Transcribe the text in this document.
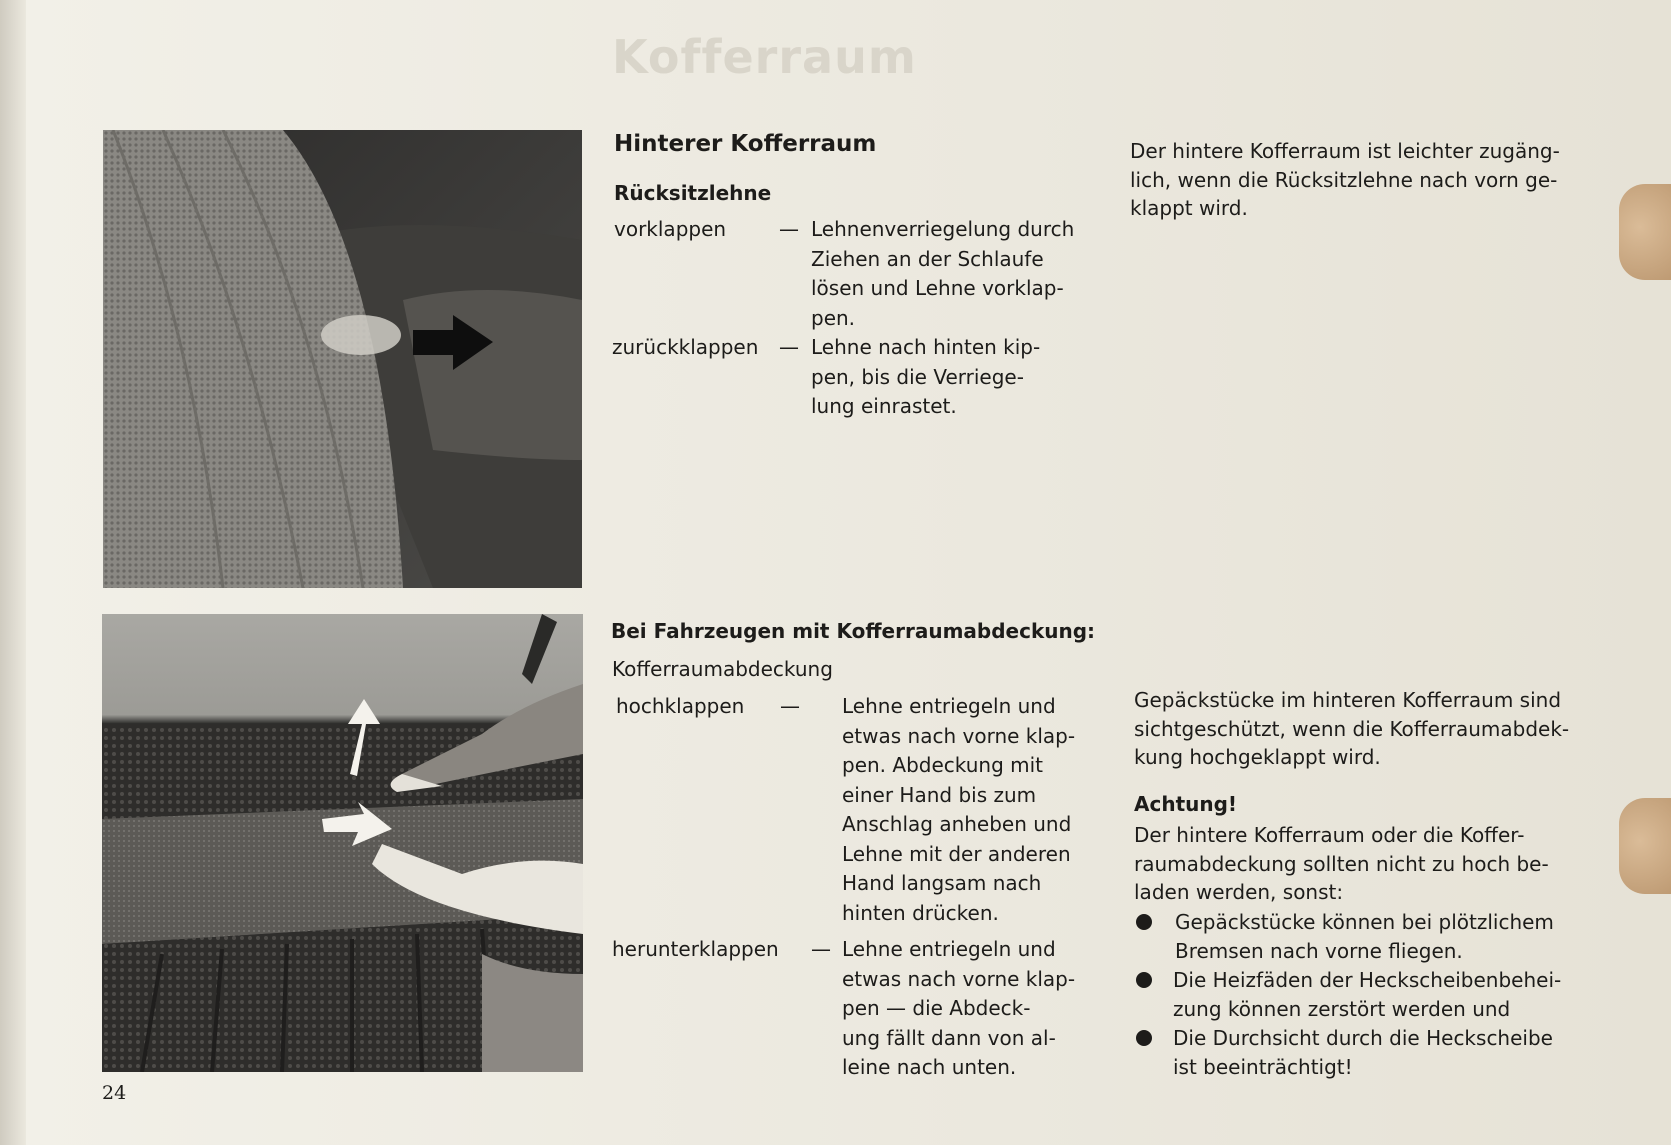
Kofferraum
24
Hinterer Kofferraum
Rücksitzlehne
vorklappen	— Lehnenverriegelung durch
Ziehen an der Schlaufe
lösen und Lehne vorklap-
pen.
zurückklappen — Lehne nach hinten kip-
pen, bis die Verriege-
lung einrastet.
Bei Fahrzeugen mit Kofferraumabdeckung:
Kofferraumabdeckung
hochklappen — Lehne entriegeln und
etwas nach vorne klap-
pen. Abdeckung mit
einer Hand bis zum
Anschlag anheben und
Lehne mit der anderen
Hand langsam nach
hinten drücken.
herunterklappen — Lehne entriegeln und
etwas nach vorne klap-
pen — die Abdeck-
ung fällt dann von al-
leine nach unten.
Der hintere Kofferraum ist leichter zugäng-
lich, wenn die Rücksitzlehne nach vorn ge-
klappt wird.
Gepäckstücke im hinteren Kofferraum sind
sichtgeschützt, wenn die Kofferraumabdek-
kung hochgeklappt wird.
Achtung!
Der hintere Kofferraum oder die Koffer-
raumabdeckung sollten nicht zu hoch be-
laden werden, sonst:
Gepäckstücke können bei plötzlichem
Bremsen nach vorne fliegen.
Die Heizfäden der Heckscheibenbehei-
zung können zerstört werden und
Die Durchsicht durch die Heckscheibe
ist beeinträchtigt!
